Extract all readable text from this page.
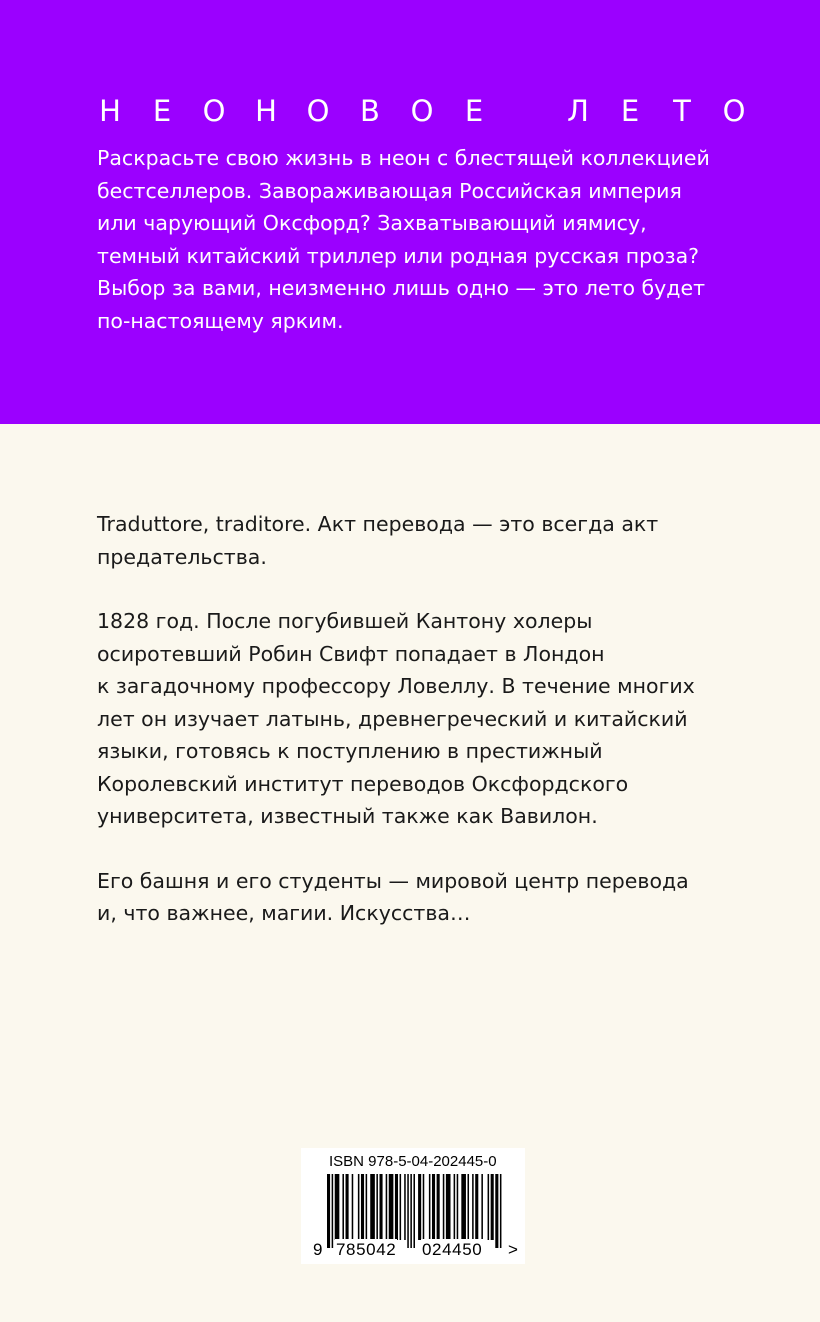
Н Е О Н О В О Е	Л Е Т О
Раскрасьте свою жизнь в неон с блестящей коллекцией
бестселлеров. Завораживающая Российская империя
или чарующий Оксфорд? Захватывающий иямису,
темный китайский триллер или родная русская проза?
Выбор за вами, неизменно лишь одно — это лето будет
по-настоящему ярким.
Traduttore, traditore. Акт перевода — это всегда акт
предательства.
1828 год. После погубившей Кантону холеры
осиротевший Робин Свифт попадает в Лондон
к загадочному профессору Ловеллу. В течение многих
лет он изучает латынь, древнегреческий и китайский
языки, готовясь к поступлению в престижный
Королевский институт переводов Оксфордского
университета, известный также как Вавилон.
Его башня и его студенты — мировой центр перевода
и, что важнее, магии. Искусства…
ISBN 978-5-04-202445-0
9 785042 024450 >
